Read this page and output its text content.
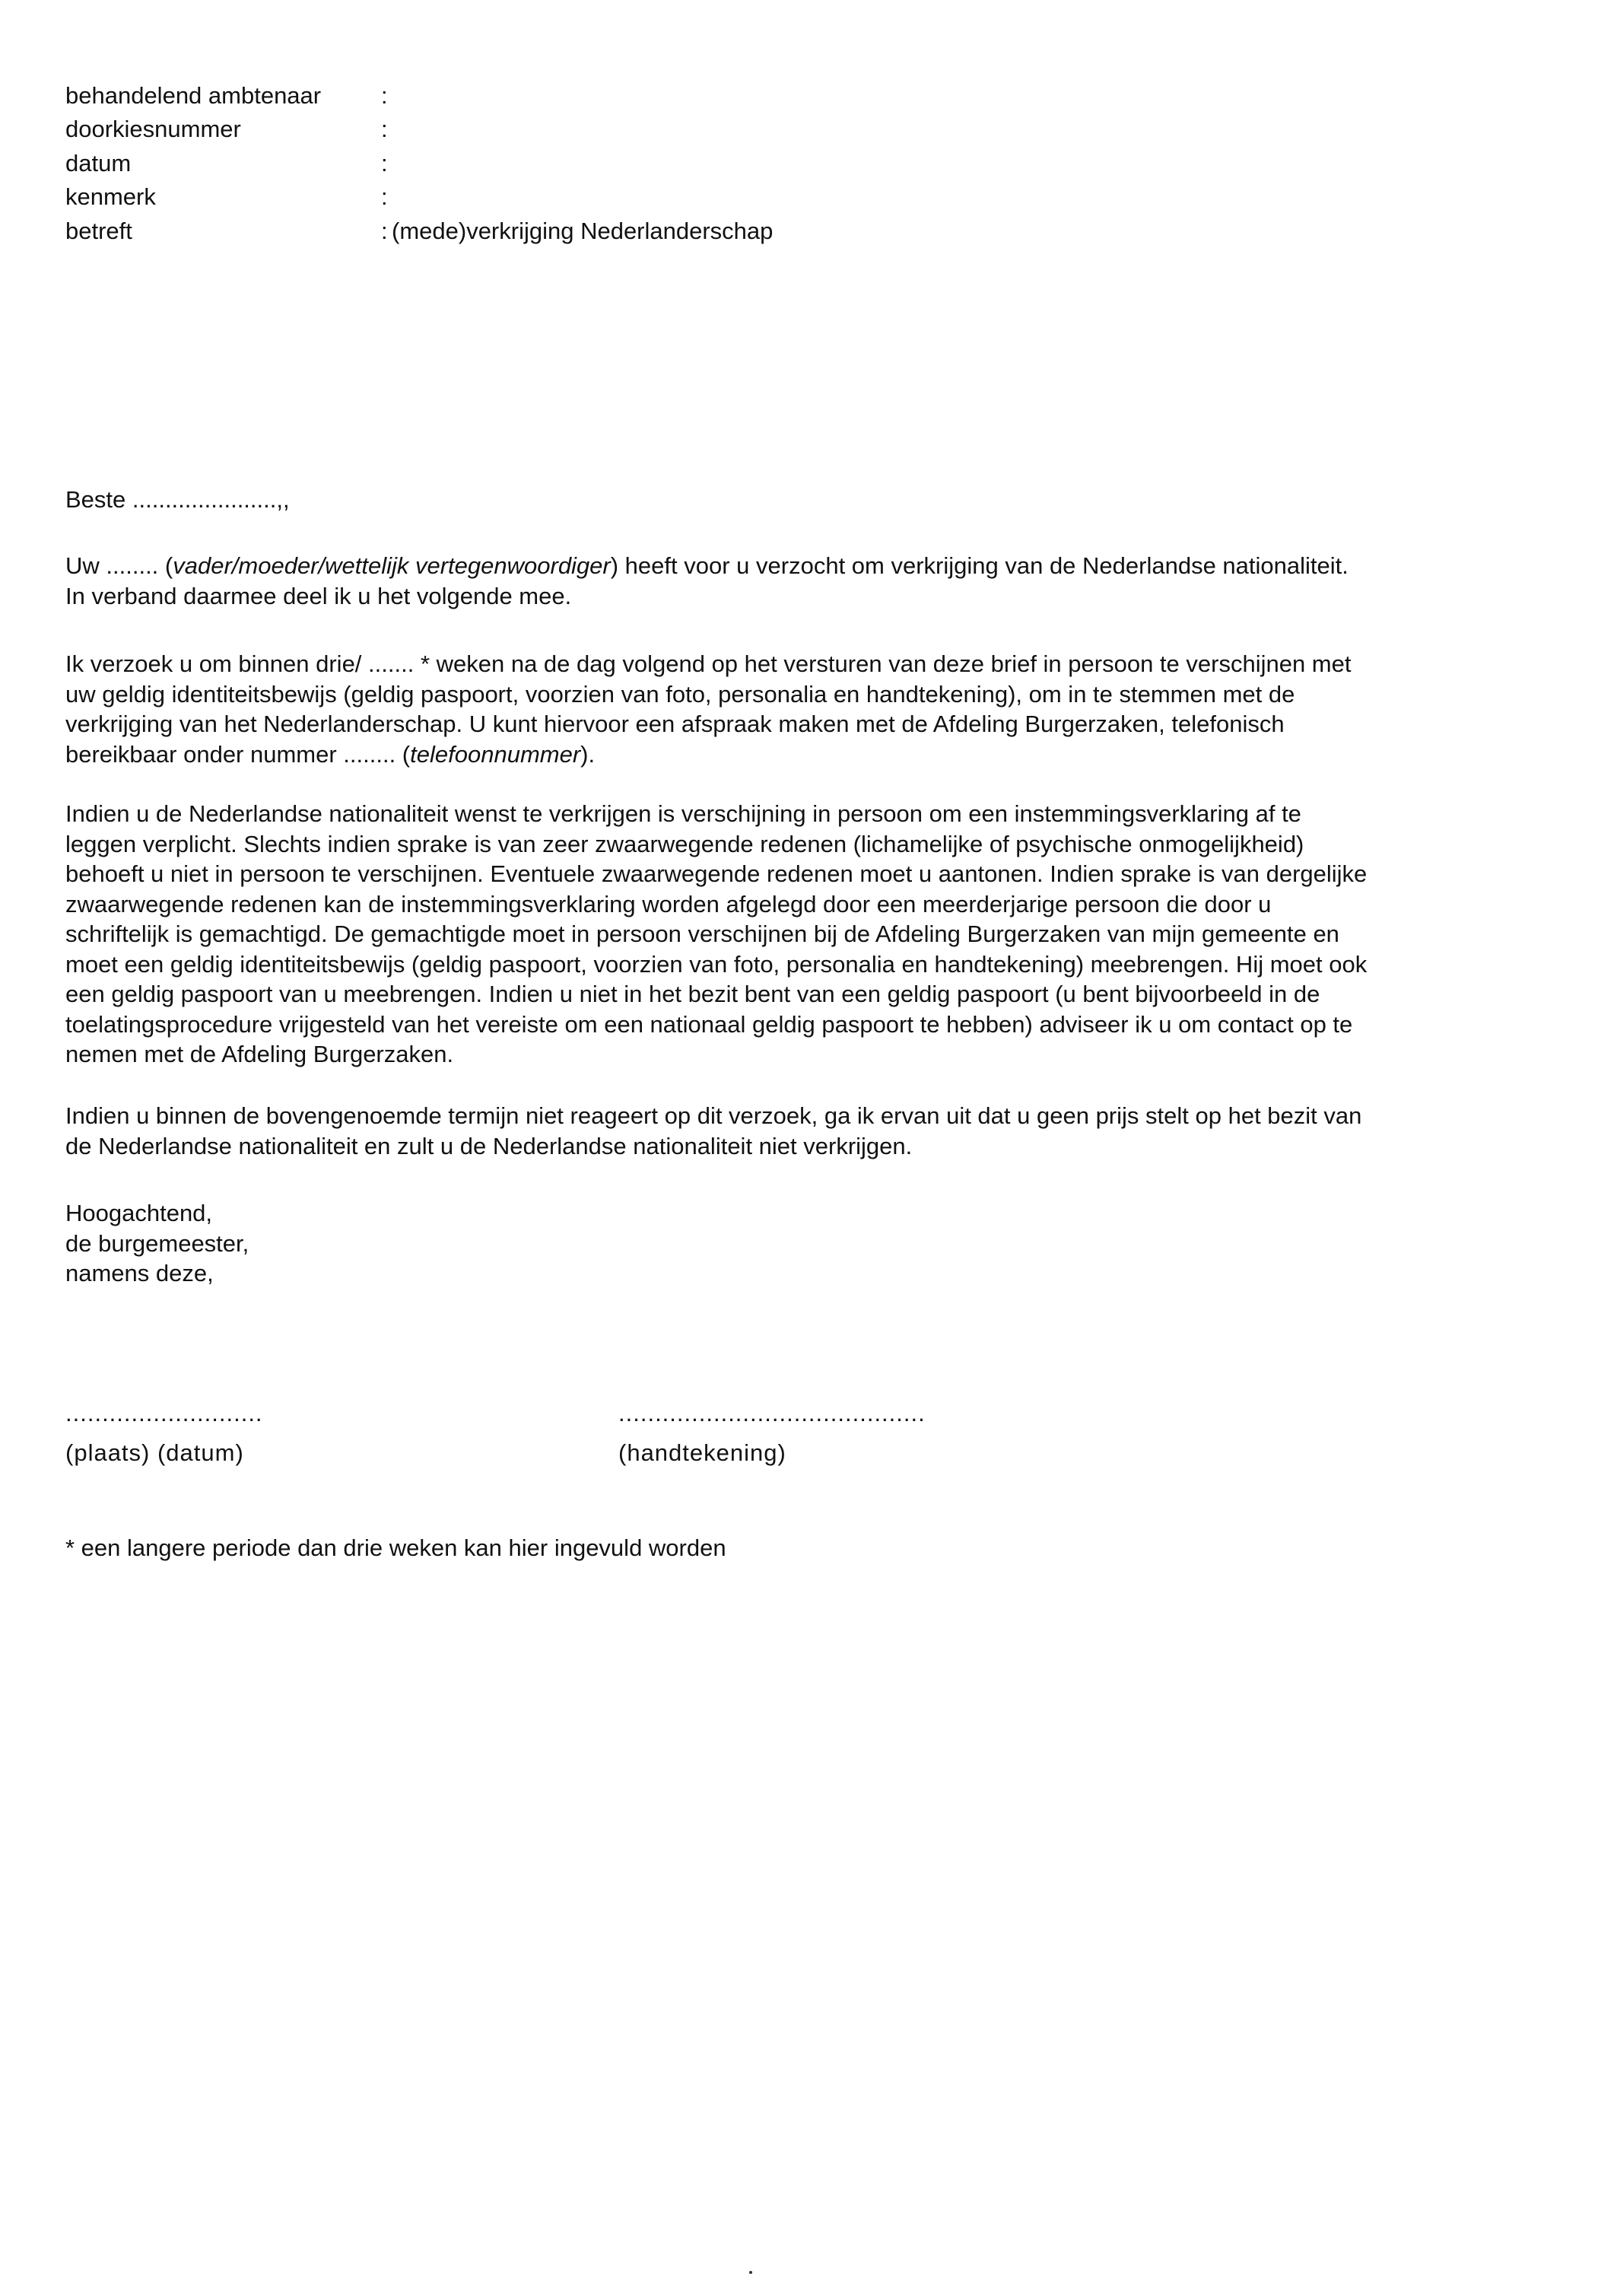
behandelend ambtenaar	:
doorkiesnummer	:
datum	:
kenmerk	:
betreft	: (mede)verkrijging Nederlanderschap
Beste ......................,,
Uw ........ (vader/moeder/wettelijk vertegenwoordiger) heeft voor u verzocht om verkrijging van de Nederlandse nationaliteit.
In verband daarmee deel ik u het volgende mee.
Ik verzoek u om binnen drie/ ....... * weken na de dag volgend op het versturen van deze brief in persoon te verschijnen met
uw geldig identiteitsbewijs (geldig paspoort, voorzien van foto, personalia en handtekening), om in te stemmen met de
verkrijging van het Nederlanderschap. U kunt hiervoor een afspraak maken met de Afdeling Burgerzaken, telefonisch
bereikbaar onder nummer ........ (telefoonnummer).
Indien u de Nederlandse nationaliteit wenst te verkrijgen is verschijning in persoon om een instemmingsverklaring af te
leggen verplicht. Slechts indien sprake is van zeer zwaarwegende redenen (lichamelijke of psychische onmogelijkheid)
behoeft u niet in persoon te verschijnen. Eventuele zwaarwegende redenen moet u aantonen. Indien sprake is van dergelijke
zwaarwegende redenen kan de instemmingsverklaring worden afgelegd door een meerderjarige persoon die door u
schriftelijk is gemachtigd. De gemachtigde moet in persoon verschijnen bij de Afdeling Burgerzaken van mijn gemeente en
moet een geldig identiteitsbewijs (geldig paspoort, voorzien van foto, personalia en handtekening) meebrengen. Hij moet ook
een geldig paspoort van u meebrengen. Indien u niet in het bezit bent van een geldig paspoort (u bent bijvoorbeeld in de
toelatingsprocedure vrijgesteld van het vereiste om een nationaal geldig paspoort te hebben) adviseer ik u om contact op te
nemen met de Afdeling Burgerzaken.
Indien u binnen de bovengenoemde termijn niet reageert op dit verzoek, ga ik ervan uit dat u geen prijs stelt op het bezit van
de Nederlandse nationaliteit en zult u de Nederlandse nationaliteit niet verkrijgen.
Hoogachtend,
de burgemeester,
namens deze,
...........................
(plaats) (datum)
..........................................
(handtekening)
* een langere periode dan drie weken kan hier ingevuld worden
